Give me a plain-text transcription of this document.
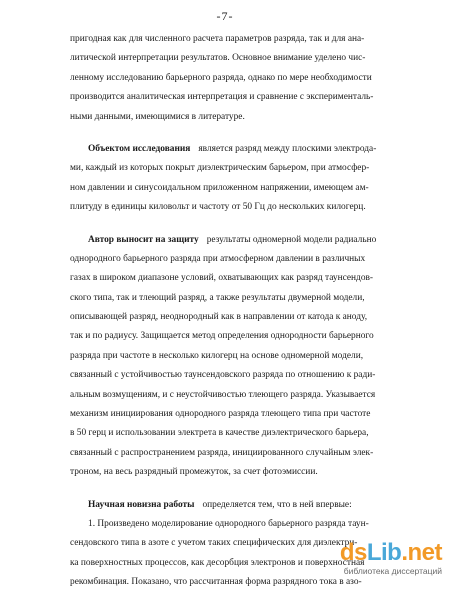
-7-
пригодная как для численного расчета параметров разряда, так и для ана-
литической интерпретации результатов. Основное внимание уделено чис-
ленному исследованию барьерного разряда, однако по мере необходимости
производится аналитическая интерпретация и сравнение с эксперименталь-
ными данными, имеющимися в литературе.
Объектом исследования является разряд между плоскими электрода-
ми, каждый из которых покрыт диэлектрическим барьером, при атмосфер-
ном давлении и синусоидальном приложенном напряжении, имеющем ам-
плитуду в единицы киловольт и частоту от 50 Гц до нескольких килогерц.
Автор выносит на защиту результаты одномерной модели радиально
однородного барьерного разряда при атмосферном давлении в различных
газах в широком диапазоне условий, охватывающих как разряд таунсендов-
ского типа, так и тлеющий разряд, а также результаты двумерной модели,
описывающей разряд, неоднородный как в направлении от катода к аноду,
так и по радиусу. Защищается метод определения однородности барьерного
разряда при частоте в несколько килогерц на основе одномерной модели,
связанный с устойчивостью таунсендовского разряда по отношению к ради-
альным возмущениям, и с неустойчивостью тлеющего разряда. Указывается
механизм инициирования однородного разряда тлеющего типа при частоте
в 50 герц и использовании электрета в качестве диэлектрического барьера,
связанный с распространением разряда, инициированного случайным элек-
троном, на весь разрядный промежуток, за счет фотоэмиссии.
Научная новизна работы определяется тем, что в ней впервые:
1. Произведено моделирование однородного барьерного разряда таун-
сендовского типа в азоте с учетом таких специфических для диэлектри-
ка поверхностных процессов, как десорбция электронов и поверхностная
рекомбинация. Показано, что рассчитанная форма разрядного тока в азо-
dsLib.net
библиотека диссертаций
